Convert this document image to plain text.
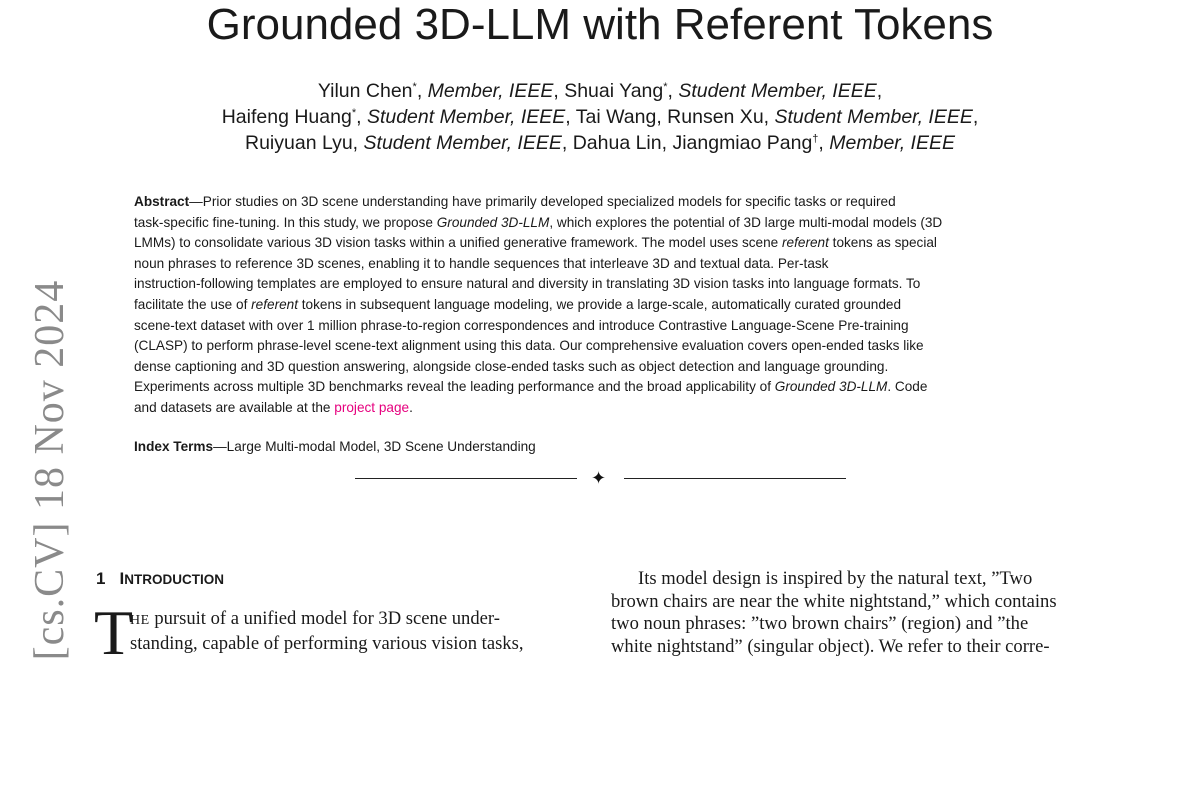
[cs.CV] 18 Nov 2024
Grounded 3D-LLM with Referent Tokens
Yilun Chen*, Member, IEEE, Shuai Yang*, Student Member, IEEE,
Haifeng Huang*, Student Member, IEEE, Tai Wang, Runsen Xu, Student Member, IEEE,
Ruiyuan Lyu, Student Member, IEEE, Dahua Lin, Jiangmiao Pang†, Member, IEEE
Abstract—Prior studies on 3D scene understanding have primarily developed specialized models for specific tasks or required
task-specific fine-tuning. In this study, we propose Grounded 3D-LLM, which explores the potential of 3D large multi-modal models (3D
LMMs) to consolidate various 3D vision tasks within a unified generative framework. The model uses scene referent tokens as special
noun phrases to reference 3D scenes, enabling it to handle sequences that interleave 3D and textual data. Per-task
instruction-following templates are employed to ensure natural and diversity in translating 3D vision tasks into language formats. To
facilitate the use of referent tokens in subsequent language modeling, we provide a large-scale, automatically curated grounded
scene-text dataset with over 1 million phrase-to-region correspondences and introduce Contrastive Language-Scene Pre-training
(CLASP) to perform phrase-level scene-text alignment using this data. Our comprehensive evaluation covers open-ended tasks like
dense captioning and 3D question answering, alongside close-ended tasks such as object detection and language grounding.
Experiments across multiple 3D benchmarks reveal the leading performance and the broad applicability of Grounded 3D-LLM. Code
and datasets are available at the project page.
Index Terms—Large Multi-modal Model, 3D Scene Understanding
✦
1 INTRODUCTION
T
HE pursuit of a unified model for 3D scene under-
standing, capable of performing various vision tasks,
Its model design is inspired by the natural text, ”Two
brown chairs are near the white nightstand,” which contains
two noun phrases: ”two brown chairs” (region) and ”the
white nightstand” (singular object). We refer to their corre-
